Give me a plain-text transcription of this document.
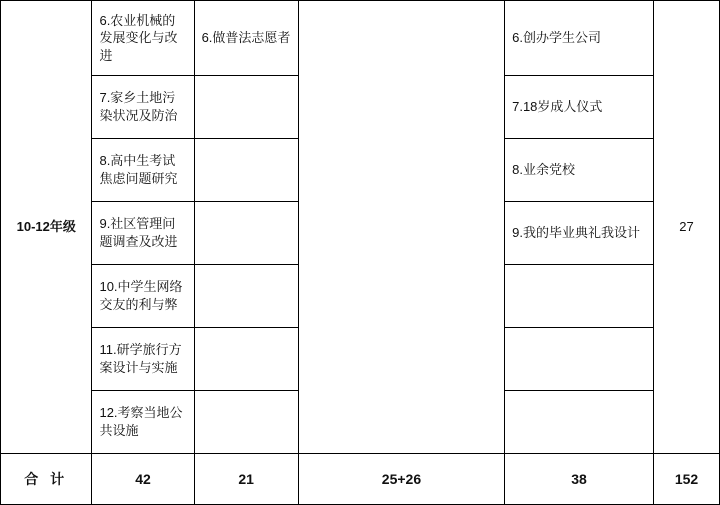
10-12年级	6.农业机械的发展变化与改进	6.做普法志愿者		6.创办学生公司	27
	7.家乡土地污染状况及防治			7.18岁成人仪式	
	8.高中生考试焦虑问题研究			8.业余党校	
	9.社区管理问题调查及改进			9.我的毕业典礼我设计	
	10.中学生网络交友的利与弊				
	11.研学旅行方案设计与实施				
	12.考察当地公共设施				
合 计	42	21	25+26	38	152
